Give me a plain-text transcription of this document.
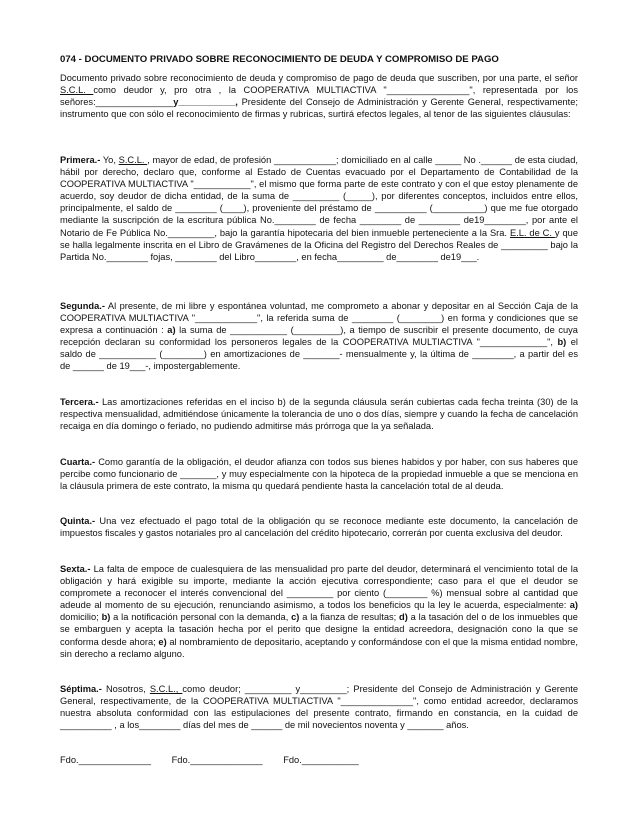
074 - DOCUMENTO PRIVADO SOBRE RECONOCIMIENTO DE DEUDA Y COMPROMISO DE PAGO

Documento privado sobre reconocimiento de deuda y compromiso de pago de deuda que suscriben, por una parte, el señor S.C.L. como deudor y, pro otra , la COOPERATIVA MULTIACTIVA "________________", representada por los señores:_______________y___________, Presidente del Consejo de Administración y Gerente General, respectivamente; instrumento que con sólo el reconocimiento de firmas y rubricas, surtirá efectos legales, al tenor de las siguientes cláusulas:

Primera.- Yo, S.C.L. , mayor de edad, de profesión ____________; domiciliado en al calle _____ No .______ de esta ciudad, hábil por derecho, declaro que, conforme al Estado de Cuentas evacuado por el Departamento de Contabilidad de la COOPERATIVA MULTIACTIVA "___________", el mismo que forma parte de este contrato y con el que estoy plenamente de acuerdo, soy deudor de dicha entidad, de la suma de _________ (_____), por diferentes conceptos, incluidos entre ellos, principalmente, el saldo de ________ (____), proveniente del préstamo de __________ (__________) que me fue otorgado mediante la suscripción de la escritura pública No.________ de fecha ________ de ________ de19________, por ante el Notario de Fe Pública No._________, bajo la garantía hipotecaria del bien inmueble perteneciente a la Sra. E.L. de C. y que se halla legalmente inscrita en el Libro de Gravámenes de la Oficina del Registro del Derechos Reales de _________ bajo la Partida No.________ fojas, ________ del Libro________, en fecha_________ de________ de19___.

Segunda.- Al presente, de mi libre y espontánea voluntad, me comprometo a abonar y depositar en al Sección Caja de la COOPERATIVA MULTIACTIVA "____________", la referida suma de ________ (________) en forma y condiciones que se expresa a continuación : a) la suma de ___________ (_________), a tiempo de suscribir el presente documento, de cuya recepción declaran su conformidad los personeros legales de la COOPERATIVA MULTIACTIVA "_____________", b) el saldo de ___________ (________) en amortizaciones de _______- mensualmente y, la última de ________, a partir del es de ______ de 19___-, impostergablemente.

Tercera.- Las amortizaciones referidas en el inciso b) de la segunda cláusula serán cubiertas cada fecha treinta (30) de la respectiva mensualidad, admitiéndose únicamente la tolerancia de uno o dos días, siempre y cuando la fecha de cancelación recaiga en día domingo o feriado, no pudiendo admitirse más prórroga que la ya señalada.

Cuarta.- Como garantía de la obligación, el deudor afianza con todos sus bienes habidos y por haber, con sus haberes que percibe como funcionario de _______, y muy especialmente con la hipoteca de la propiedad inmueble a que se menciona en la cláusula primera de este contrato, la misma qu quedará pendiente hasta la cancelación total de al deuda.

Quinta.- Una vez efectuado el pago total de la obligación qu se reconoce mediante este documento, la cancelación de impuestos fiscales y gastos notariales pro al cancelación del crédito hipotecario, correrán por cuenta exclusiva del deudor.

Sexta.- La falta de empoce de cualesquiera de las mensualidad pro parte del deudor, determinará el vencimiento total de la obligación y hará exigible su importe, mediante la acción ejecutiva correspondiente; caso para el que el deudor se compromete a reconocer el interés convencional del _________ por ciento (________ %) mensual sobre al cantidad que adeude al momento de su ejecución, renunciando asimismo, a todos los beneficios qu la ley le acuerda, especialmente: a) domicilio; b) a la notificación personal con la demanda, c) a la fianza de resultas; d) a la tasación del o de los inmuebles que se embarguen y acepta la tasación hecha por el perito que designe la entidad acreedora, designación cono la que se conforma desde ahora; e) al nombramiento de depositario, aceptando y conformándose con el que la misma entidad nombre, sin derecho a reclamo alguno.

Séptima.- Nosotros, S.C.L., como deudor; _________ y_________; Presidente del Consejo de Administración y Gerente General, respectivamente, de la COOPERATIVA MULTIACTIVA "______________", como entidad acreedor, declaramos nuestra absoluta conformidad con las estipulaciones del presente contrato, firmando en constancia, en la cuidad de __________ , a los________ días del mes de ______ de mil novecientos noventa y _______ años.

Fdo.______________ Fdo.______________ Fdo.___________
